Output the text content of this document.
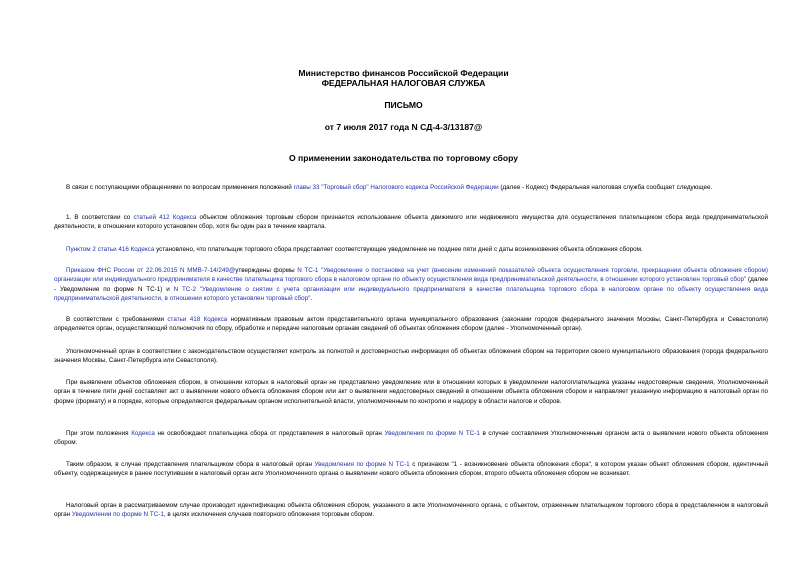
Министерство финансов Российской Федерации
ФЕДЕРАЛЬНАЯ НАЛОГОВАЯ СЛУЖБА
ПИСЬМО
от 7 июля 2017 года N СД-4-3/13187@
О применении законодательства по торговому сбору
В связи с поступающими обращениями по вопросам применения положений главы 33 "Торговый сбор" Налогового кодекса Российской Федерации (далее - Кодекс) Федеральная налоговая служба сообщает следующее.
1. В соответствии со статьей 412 Кодекса объектом обложения торговым сбором признается использование объекта движимого или недвижимого имущества для осуществления плательщиком сбора вида предпринимательской деятельности, в отношении которого установлен сбор, хотя бы один раз в течение квартала.
Пунктом 2 статьи 416 Кодекса установлено, что плательщик торгового сбора представляет соответствующее уведомление не позднее пяти дней с даты возникновения объекта обложения сбором.
Приказом ФНС России от 22.06.2015 N ММВ-7-14/249@утверждены формы N ТС-1 "Уведомление о постановке на учет (внесении изменений показателей объекта осуществления торговли, прекращении объекта обложения сбором) организации или индивидуального предпринимателя в качестве плательщика торгового сбора в налоговом органе по объекту осуществления вида предпринимательской деятельности, в отношении которого установлен торговый сбор" (далее - Уведомление по форме N ТС-1) и N ТС-2 "Уведомление о снятии с учета организации или индивидуального предпринимателя в качестве плательщика торгового сбора в налоговом органе по объекту осуществления вида предпринимательской деятельности, в отношении которого установлен торговый сбор".
В соответствии с требованиями статьи 418 Кодекса нормативным правовым актом представительного органа муниципального образования (законами городов федерального значения Москвы, Санкт-Петербурга и Севастополя) определяется орган, осуществляющий полномочия по сбору, обработке и передаче налоговым органам сведений об объектах обложения сбором (далее - Уполномоченный орган).
Уполномоченный орган в соответствии с законодательством осуществляет контроль за полнотой и достоверностью информации об объектах обложения сбором на территории своего муниципального образования (города федерального значения Москвы, Санкт-Петербурга или Севастополя).
При выявлении объектов обложения сбором, в отношении которых в налоговый орган не представлено уведомление или в отношении которых в уведомлении налогоплательщика указаны недостоверные сведения, Уполномоченный орган в течение пяти дней составляет акт о выявлении нового объекта обложения сбором или акт о выявлении недостоверных сведений в отношении объекта обложения сбором и направляет указанную информацию в налоговый орган по форме (формату) и в порядке, которые определяются федеральным органом исполнительной власти, уполномоченным по контролю и надзору в области налогов и сборов.
При этом положения Кодекса не освобождают плательщика сбора от представления в налоговый орган Уведомления по форме N ТС-1 в случае составления Уполномоченным органом акта о выявлении нового объекта обложения сбором.
Таким образом, в случае представления плательщиком сбора в налоговый орган Уведомления по форме N ТС-1 с признаком "1 - возникновение объекта обложения сбора", в котором указан объект обложения сбором, идентичный объекту, содержащемуся в ранее поступившем в налоговый орган акте Уполномоченного органа о выявлении нового объекта обложения сбором, второго объекта обложения сбором не возникает.
Налоговый орган в рассматриваемом случае производит идентификацию объекта обложения сбором, указанного в акте Уполномоченного органа, с объектом, отраженным плательщиком торгового сбора в представленном в налоговый орган Уведомлении по форме N ТС-1, в целях исключения случаев повторного обложения торговым сбором.
